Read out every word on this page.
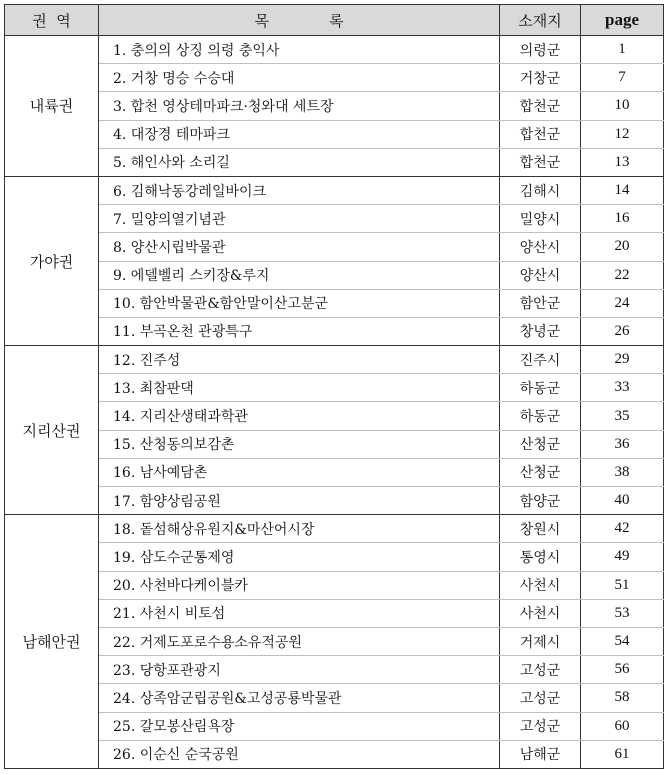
권  역	목 록	소재지	page
내륙권	1. 충의의 상징 의령 충익사	의령군	1
	2. 거창 명승 수승대	거창군	7
	3. 합천 영상테마파크·청와대 세트장	합천군	10
	4. 대장경 테마파크	합천군	12
	5. 해인사와 소리길	합천군	13
가야권	6. 김해낙동강레일바이크	김해시	14
	7. 밀양의열기념관	밀양시	16
	8. 양산시립박물관	양산시	20
	9. 에델벨리 스키장&루지	양산시	22
	10. 함안박물관&함안말이산고분군	함안군	24
	11. 부곡온천 관광특구	창녕군	26
지리산권	12. 진주성	진주시	29
	13. 최참판댁	하동군	33
	14. 지리산생태과학관	하동군	35
	15. 산청동의보감촌	산청군	36
	16. 남사예담촌	산청군	38
	17. 함양상림공원	함양군	40
남해안권	18. 돝섬해상유원지&마산어시장	창원시	42
	19. 삼도수군통제영	통영시	49
	20. 사천바다케이블카	사천시	51
	21. 사천시 비토섬	사천시	53
	22. 거제도포로수용소유적공원	거제시	54
	23. 당항포관광지	고성군	56
	24. 상족암군립공원&고성공룡박물관	고성군	58
	25. 갈모봉산림욕장	고성군	60
	26. 이순신 순국공원	남해군	61
